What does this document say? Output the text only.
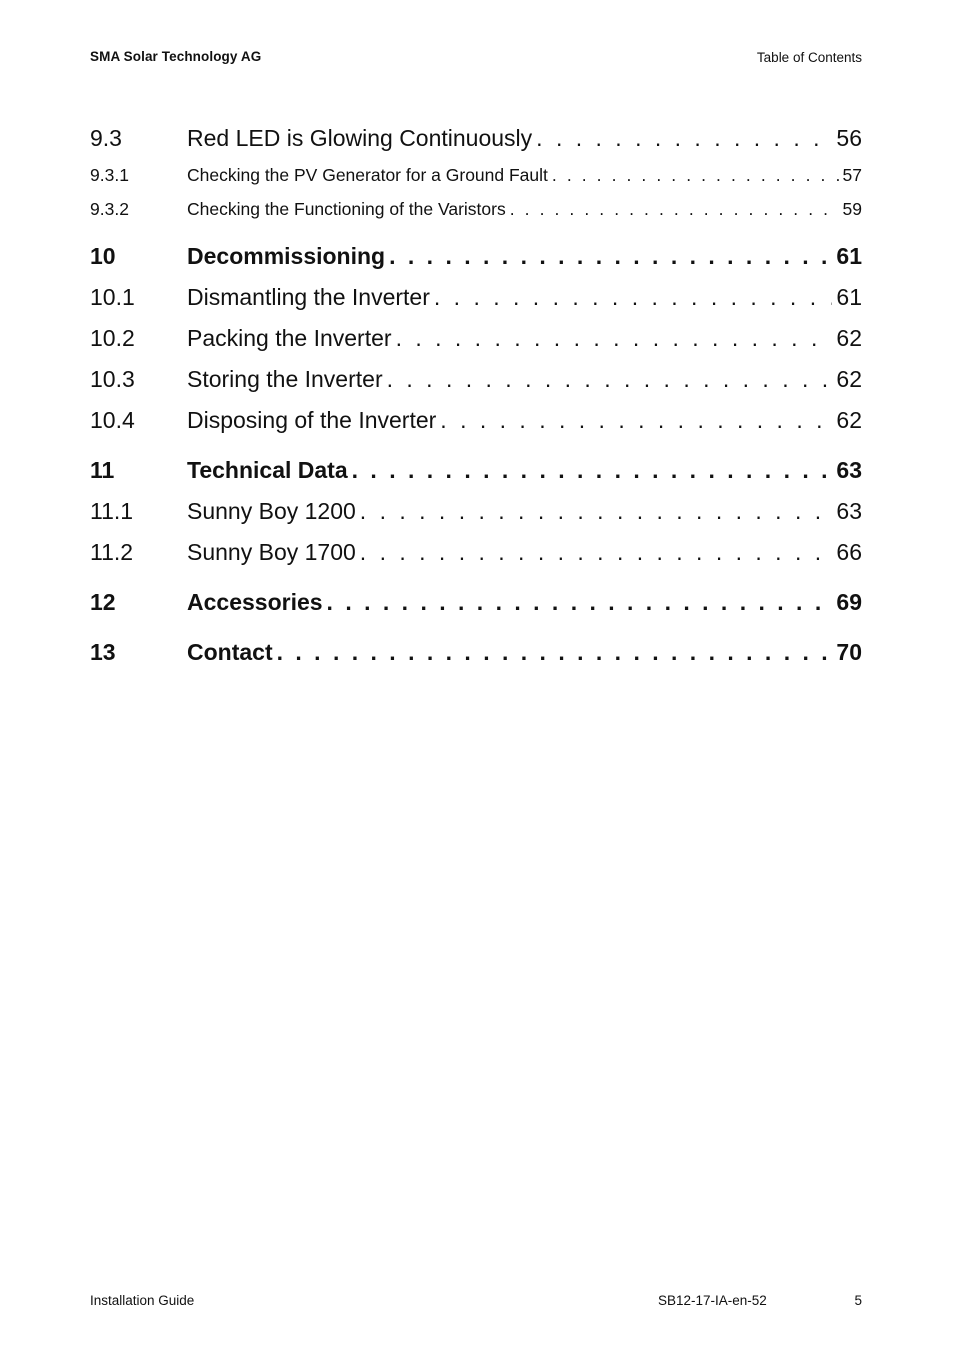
SMA Solar Technology AG	Table of Contents
9.3	Red LED is Glowing Continuously . . .	56
9.3.1	Checking the PV Generator for a Ground Fault . . .	57
9.3.2	Checking the Functioning of the Varistors . . .	59
10	Decommissioning . . .	61
10.1	Dismantling the Inverter . . .	61
10.2	Packing the Inverter . . .	62
10.3	Storing the Inverter . . .	62
10.4	Disposing of the Inverter . . .	62
11	Technical Data . . .	63
11.1	Sunny Boy 1200 . . .	63
11.2	Sunny Boy 1700 . . .	66
12	Accessories . . .	69
13	Contact . . .	70
Installation Guide	SB12-17-IA-en-52	5
